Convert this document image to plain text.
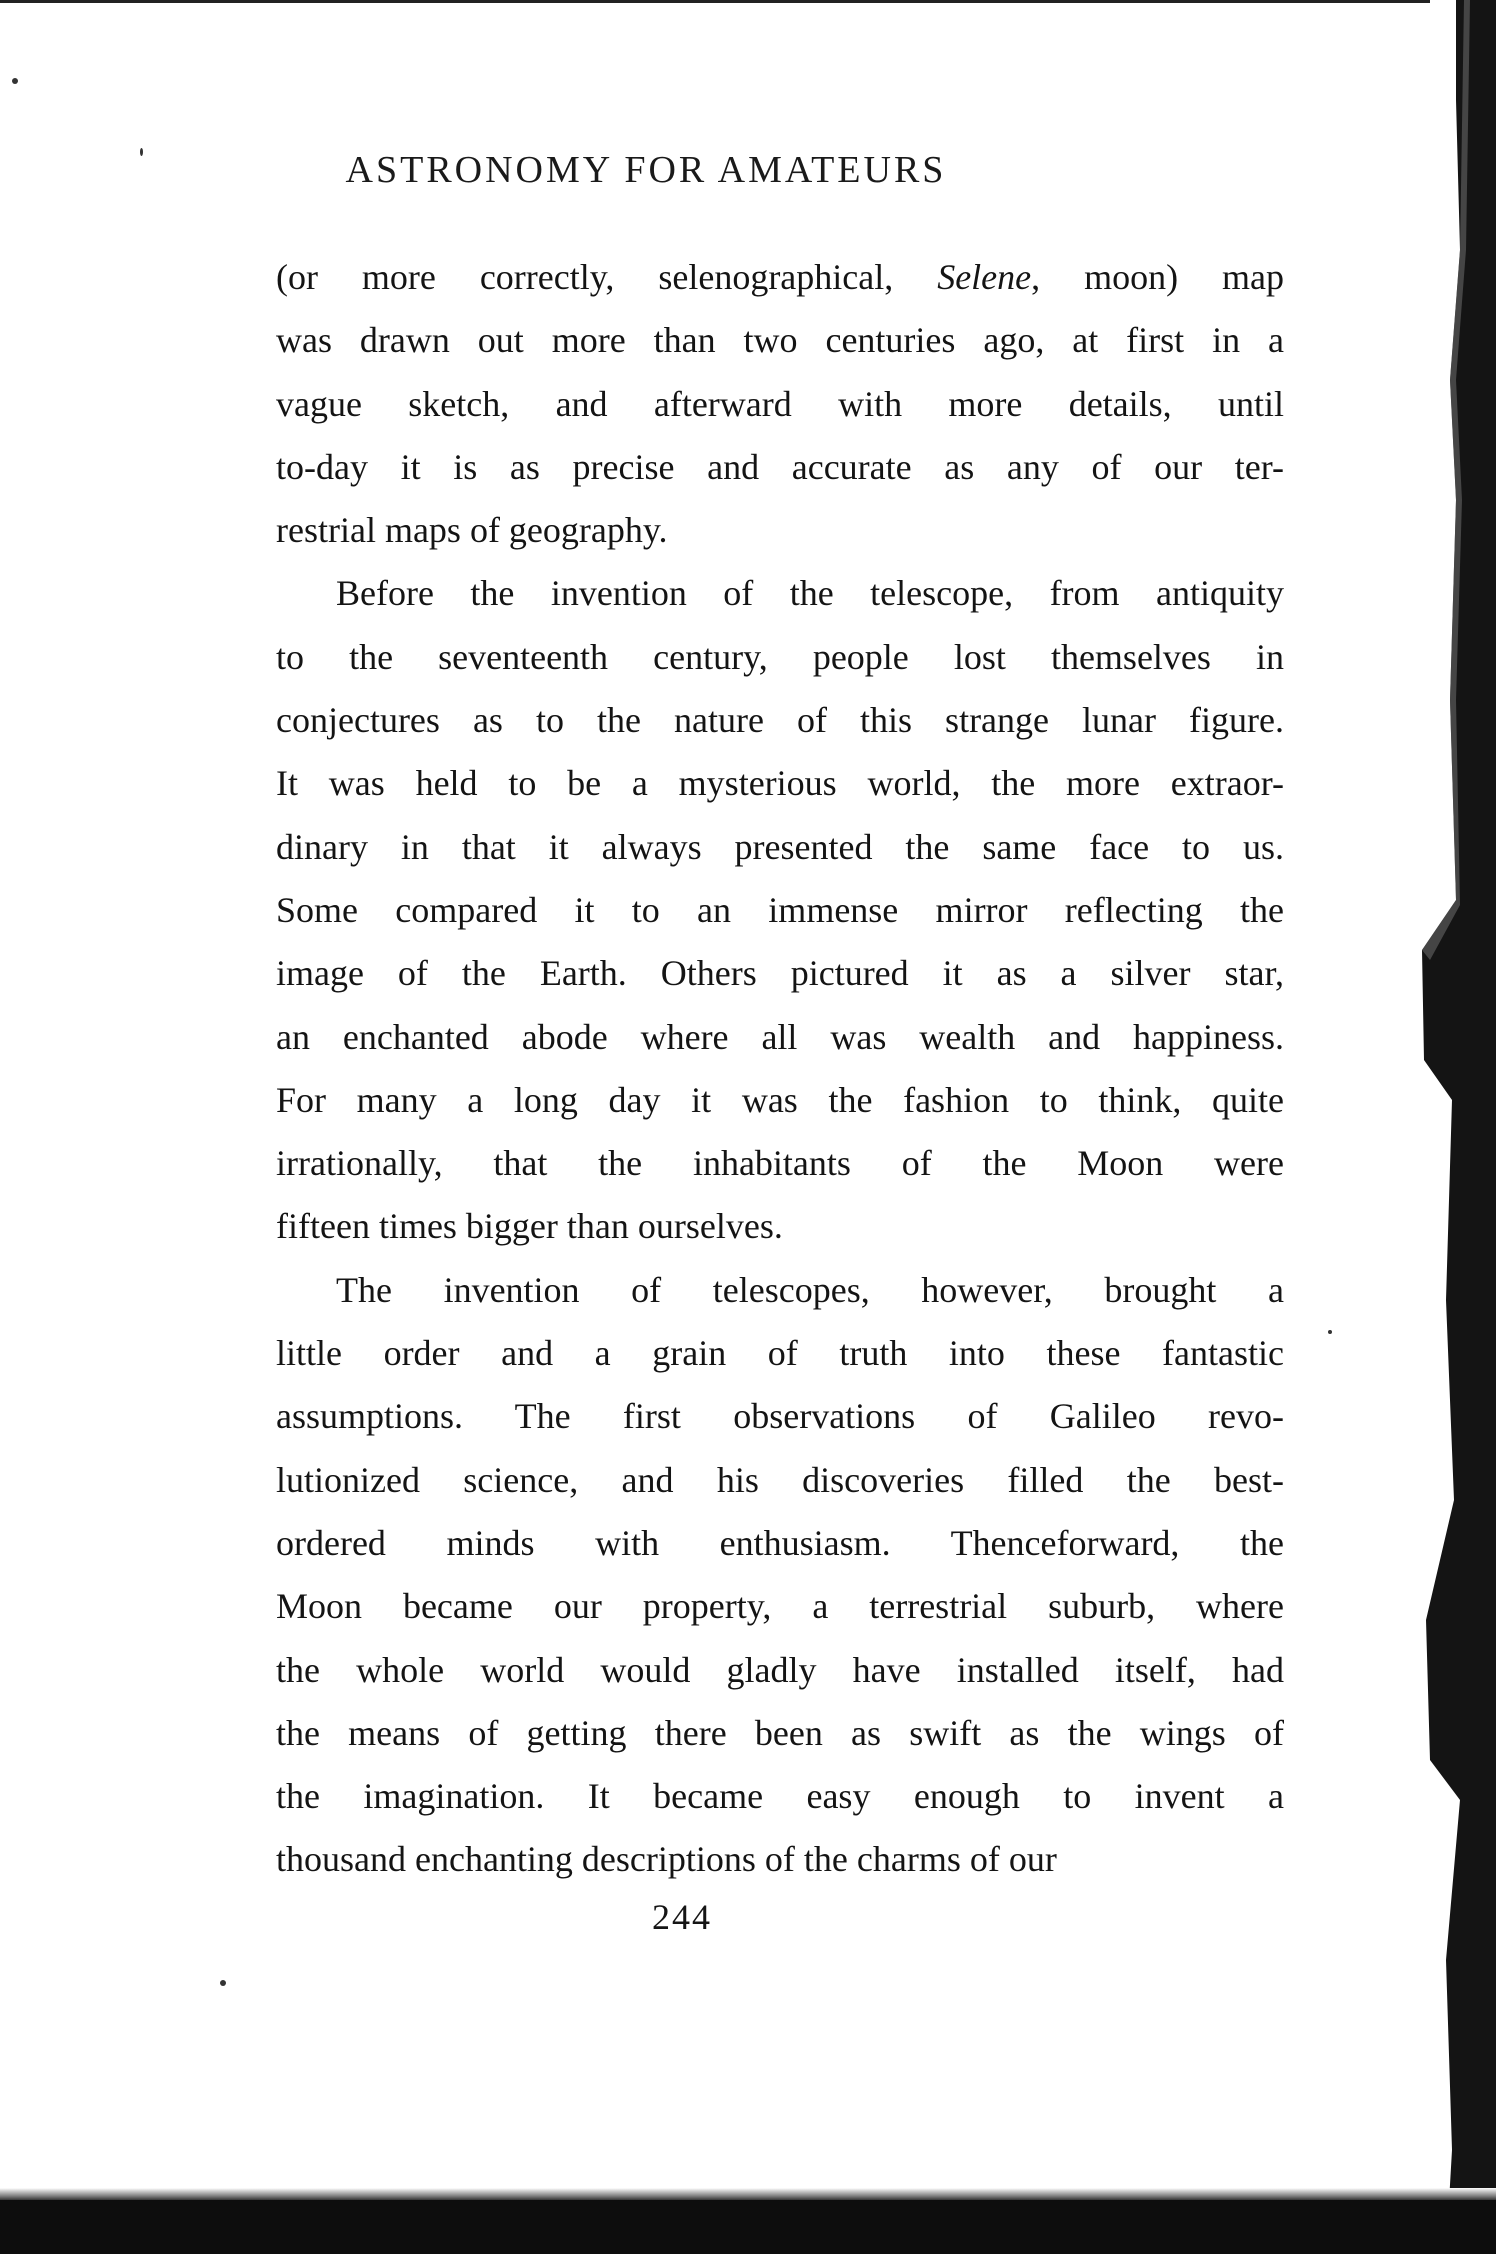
ASTRONOMY FOR AMATEURS

(or more correctly, selenographical, Selene, moon) map
was drawn out more than two centuries ago, at first in a
vague sketch, and afterward with more details, until
to-day it is as precise and accurate as any of our ter-
restrial maps of geography.

Before the invention of the telescope, from antiquity
to the seventeenth century, people lost themselves in
conjectures as to the nature of this strange lunar figure.
It was held to be a mysterious world, the more extraor-
dinary in that it always presented the same face to us.
Some compared it to an immense mirror reflecting the
image of the Earth. Others pictured it as a silver star,
an enchanted abode where all was wealth and happiness.
For many a long day it was the fashion to think, quite
irrationally, that the inhabitants of the Moon were
fifteen times bigger than ourselves.

The invention of telescopes, however, brought a
little order and a grain of truth into these fantastic
assumptions. The first observations of Galileo revo-
lutionized science, and his discoveries filled the best-
ordered minds with enthusiasm. Thenceforward, the
Moon became our property, a terrestrial suburb, where
the whole world would gladly have installed itself, had
the means of getting there been as swift as the wings of
the imagination. It became easy enough to invent a
thousand enchanting descriptions of the charms of our

244
